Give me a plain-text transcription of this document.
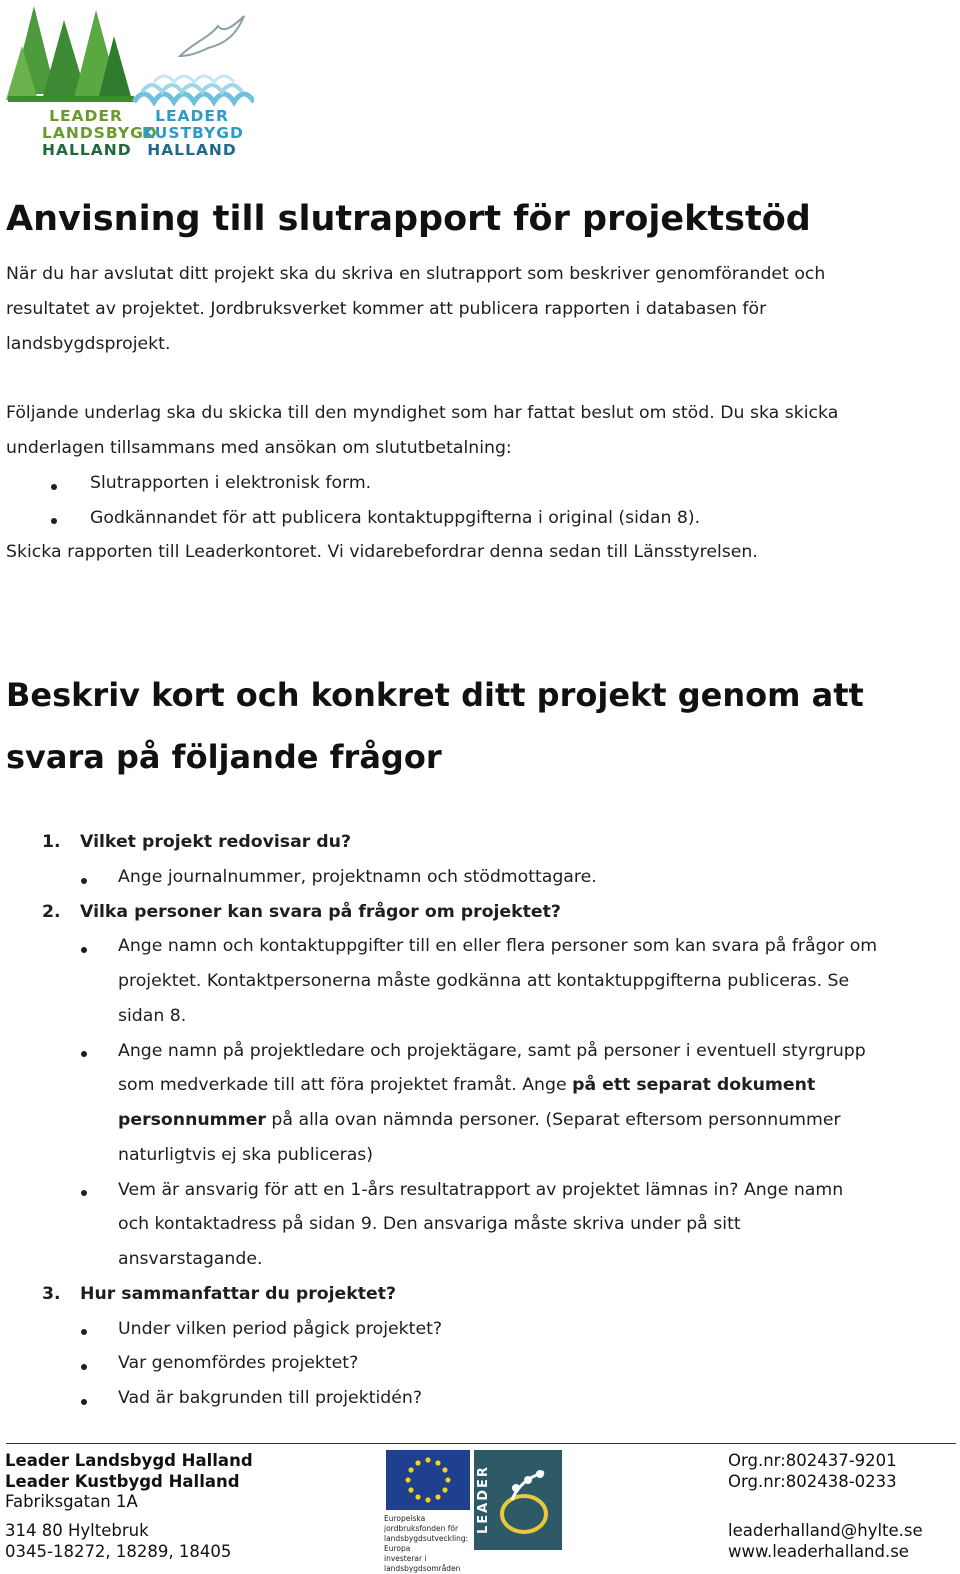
LEADER
LANDSBYGD
HALLAND
LEADER
KUSTBYGD
HALLAND
Anvisning till slutrapport för projektstöd

När du har avslutat ditt projekt ska du skriva en slutrapport som beskriver genomförandet och

resultatet av projektet. Jordbruksverket kommer att publicera rapporten i databasen för

landsbygdsprojekt.

Följande underlag ska du skicka till den myndighet som har fattat beslut om stöd. Du ska skicka

underlagen tillsammans med ansökan om slututbetalning:

Slutrapporten i elektronisk form.

Godkännandet för att publicera kontaktuppgifterna i original (sidan 8).

Skicka rapporten till Leaderkontoret. Vi vidarebefordrar denna sedan till Länsstyrelsen.

Beskriv kort och konkret ditt projekt genom att
svara på följande frågor
1. Vilket projekt redovisar du?

Ange journalnummer, projektnamn och stödmottagare.

2. Vilka personer kan svara på frågor om projektet?

Ange namn och kontaktuppgifter till en eller flera personer som kan svara på frågor om

projektet. Kontaktpersonerna måste godkänna att kontaktuppgifterna publiceras. Se

sidan 8.

Ange namn på projektledare och projektägare, samt på personer i eventuell styrgrupp

som medverkade till att föra projektet framåt. Ange på ett separat dokument

personnummer på alla ovan nämnda personer. (Separat eftersom personnummer

naturligtvis ej ska publiceras)

Vem är ansvarig för att en 1-års resultatrapport av projektet lämnas in? Ange namn

och kontaktadress på sidan 9. Den ansvariga måste skriva under på sitt

ansvarstagande.

3. Hur sammanfattar du projektet?

Under vilken period pågick projektet?

Var genomfördes projektet?

Vad är bakgrunden till projektidén?

Leader Landsbygd Halland
Leader Kustbygd Halland
Fabriksgatan 1A
314 80 Hyltebruk
0345-18272, 18289, 18405
Org.nr:802437-9201
Org.nr:802438-0233
leaderhalland@hylte.se
www.leaderhalland.se
LEADER
Europeiska jordbruksfonden för
landsbygdsutveckling: Europa
investerar i landsbygdsområden
